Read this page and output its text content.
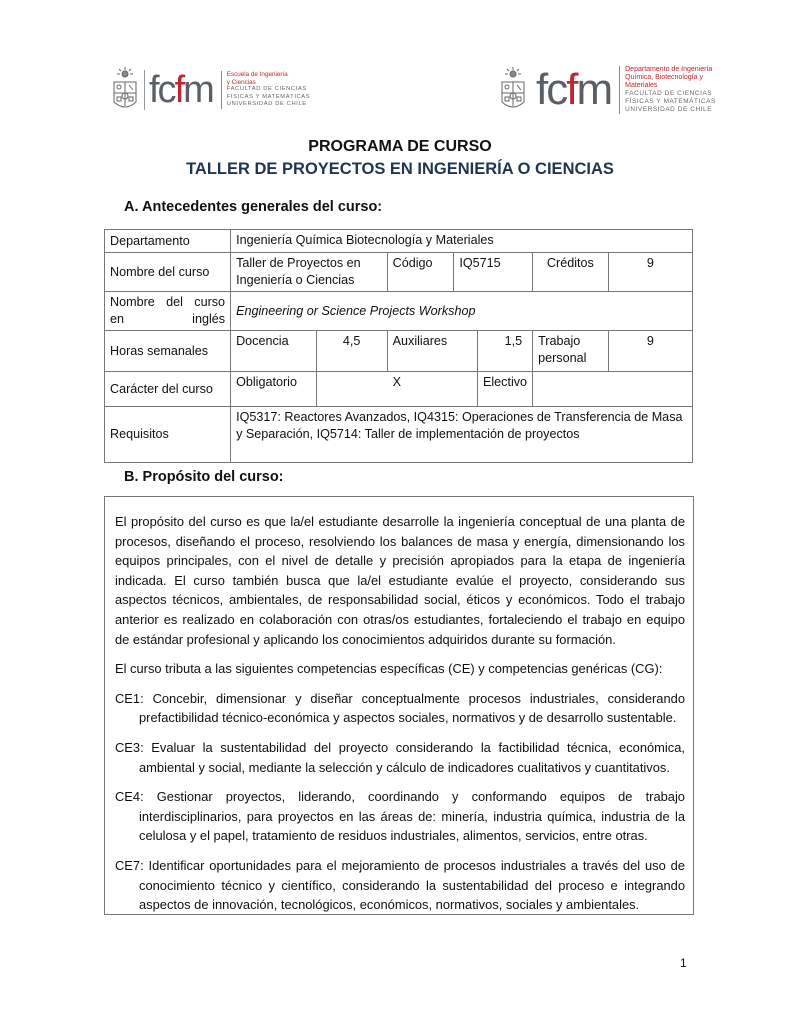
fc f m Escuela de Ingeniería
y Ciencias
FACULTAD DE CIENCIAS
FÍSICAS Y MATEMÁTICAS
UNIVERSIDAD DE CHILE	fc f m Departamento de Ingeniería
Química, Biotecnología y
Materiales
FACULTAD DE CIENCIAS
FÍSICAS Y MATEMÁTICAS
UNIVERSIDAD DE CHILE
PROGRAMA DE CURSO
TALLER DE PROYECTOS EN INGENIERÍA O CIENCIAS
A. Antecedentes generales del curso:
Departamento	Ingeniería Química Biotecnología y Materiales						
Nombre del curso	Taller de Proyectos en Ingeniería o Ciencias		Código	IQ5715		Créditos	9
Nombre del curso en inglés	Engineering or Science Projects Workshop						
Horas semanales	Docencia	4,5	Auxiliares		1,5	Trabajo personal	9
Carácter del curso	Obligatorio	X			Electivo		
Requisitos	IQ5317: Reactores Avanzados, IQ4315: Operaciones de Transferencia de Masa y Separación, IQ5714: Taller de implementación de proyectos						
B. Propósito del curso:

El propósito del curso es que la/el estudiante desarrolle la ingeniería conceptual de una planta de procesos, diseñando el proceso, resolviendo los balances de masa y energía, dimensionando los equipos principales, con el nivel de detalle y precisión apropiados para la etapa de ingeniería indicada. El curso también busca que la/el estudiante evalúe el proyecto, considerando sus aspectos técnicos, ambientales, de responsabilidad social, éticos y económicos. Todo el trabajo anterior es realizado en colaboración con otras/os estudiantes, fortaleciendo el trabajo en equipo de estándar profesional y aplicando los conocimientos adquiridos durante su formación.

El curso tributa a las siguientes competencias específicas (CE) y competencias genéricas (CG):

CE1: Concebir, dimensionar y diseñar conceptualmente procesos industriales, considerando prefactibilidad técnico-económica y aspectos sociales, normativos y de desarrollo sustentable.
CE3: Evaluar la sustentabilidad del proyecto considerando la factibilidad técnica, económica, ambiental y social, mediante la selección y cálculo de indicadores cualitativos y cuantitativos.
CE4: Gestionar proyectos, liderando, coordinando y conformando equipos de trabajo interdisciplinarios, para proyectos en las áreas de: minería, industria química, industria de la celulosa y el papel, tratamiento de residuos industriales, alimentos, servicios, entre otras.
CE7: Identificar oportunidades para el mejoramiento de procesos industriales a través del uso de conocimiento técnico y científico, considerando la sustentabilidad del proceso e integrando aspectos de innovación, tecnológicos, económicos, normativos, sociales y ambientales.
1
